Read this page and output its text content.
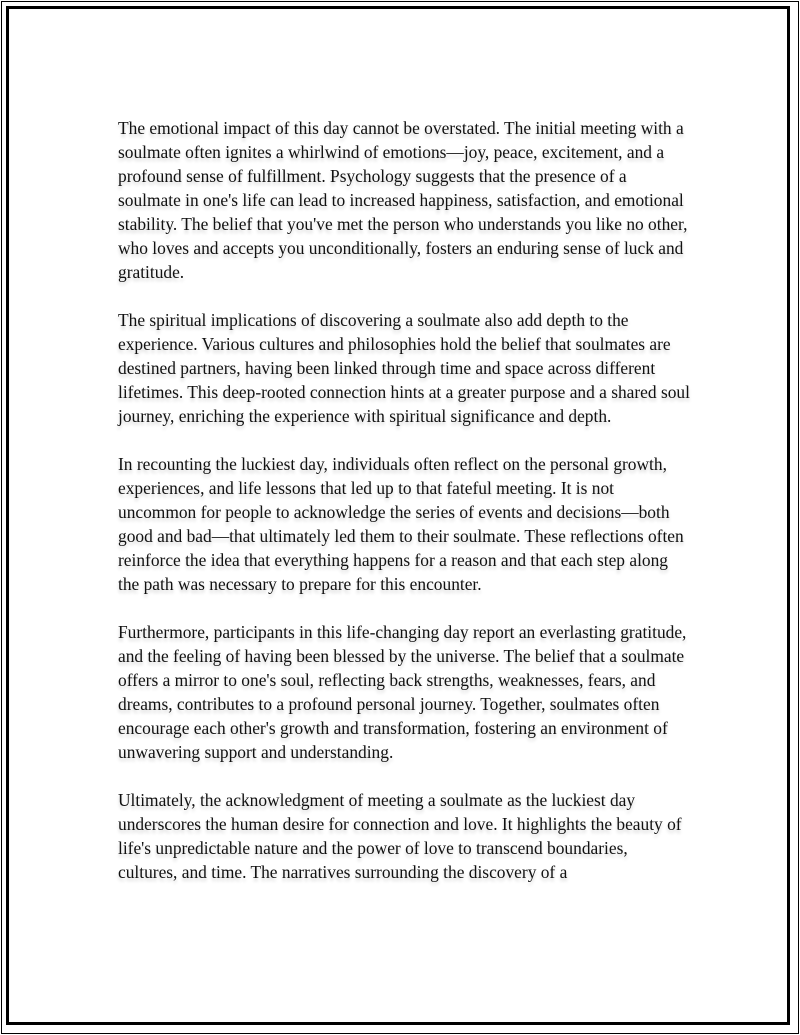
The emotional impact of this day cannot be overstated. The initial meeting with a soulmate often ignites a whirlwind of emotions—joy, peace, excitement, and a profound sense of fulfillment. Psychology suggests that the presence of a soulmate in one's life can lead to increased happiness, satisfaction, and emotional stability. The belief that you've met the person who understands you like no other, who loves and accepts you unconditionally, fosters an enduring sense of luck and gratitude.

The spiritual implications of discovering a soulmate also add depth to the experience. Various cultures and philosophies hold the belief that soulmates are destined partners, having been linked through time and space across different lifetimes. This deep-rooted connection hints at a greater purpose and a shared soul journey, enriching the experience with spiritual significance and depth.

In recounting the luckiest day, individuals often reflect on the personal growth, experiences, and life lessons that led up to that fateful meeting. It is not uncommon for people to acknowledge the series of events and decisions—both good and bad—that ultimately led them to their soulmate. These reflections often reinforce the idea that everything happens for a reason and that each step along the path was necessary to prepare for this encounter.

Furthermore, participants in this life-changing day report an everlasting gratitude, and the feeling of having been blessed by the universe. The belief that a soulmate offers a mirror to one's soul, reflecting back strengths, weaknesses, fears, and dreams, contributes to a profound personal journey. Together, soulmates often encourage each other's growth and transformation, fostering an environment of unwavering support and understanding.

Ultimately, the acknowledgment of meeting a soulmate as the luckiest day underscores the human desire for connection and love. It highlights the beauty of life's unpredictable nature and the power of love to transcend boundaries, cultures, and time. The narratives surrounding the discovery of a
